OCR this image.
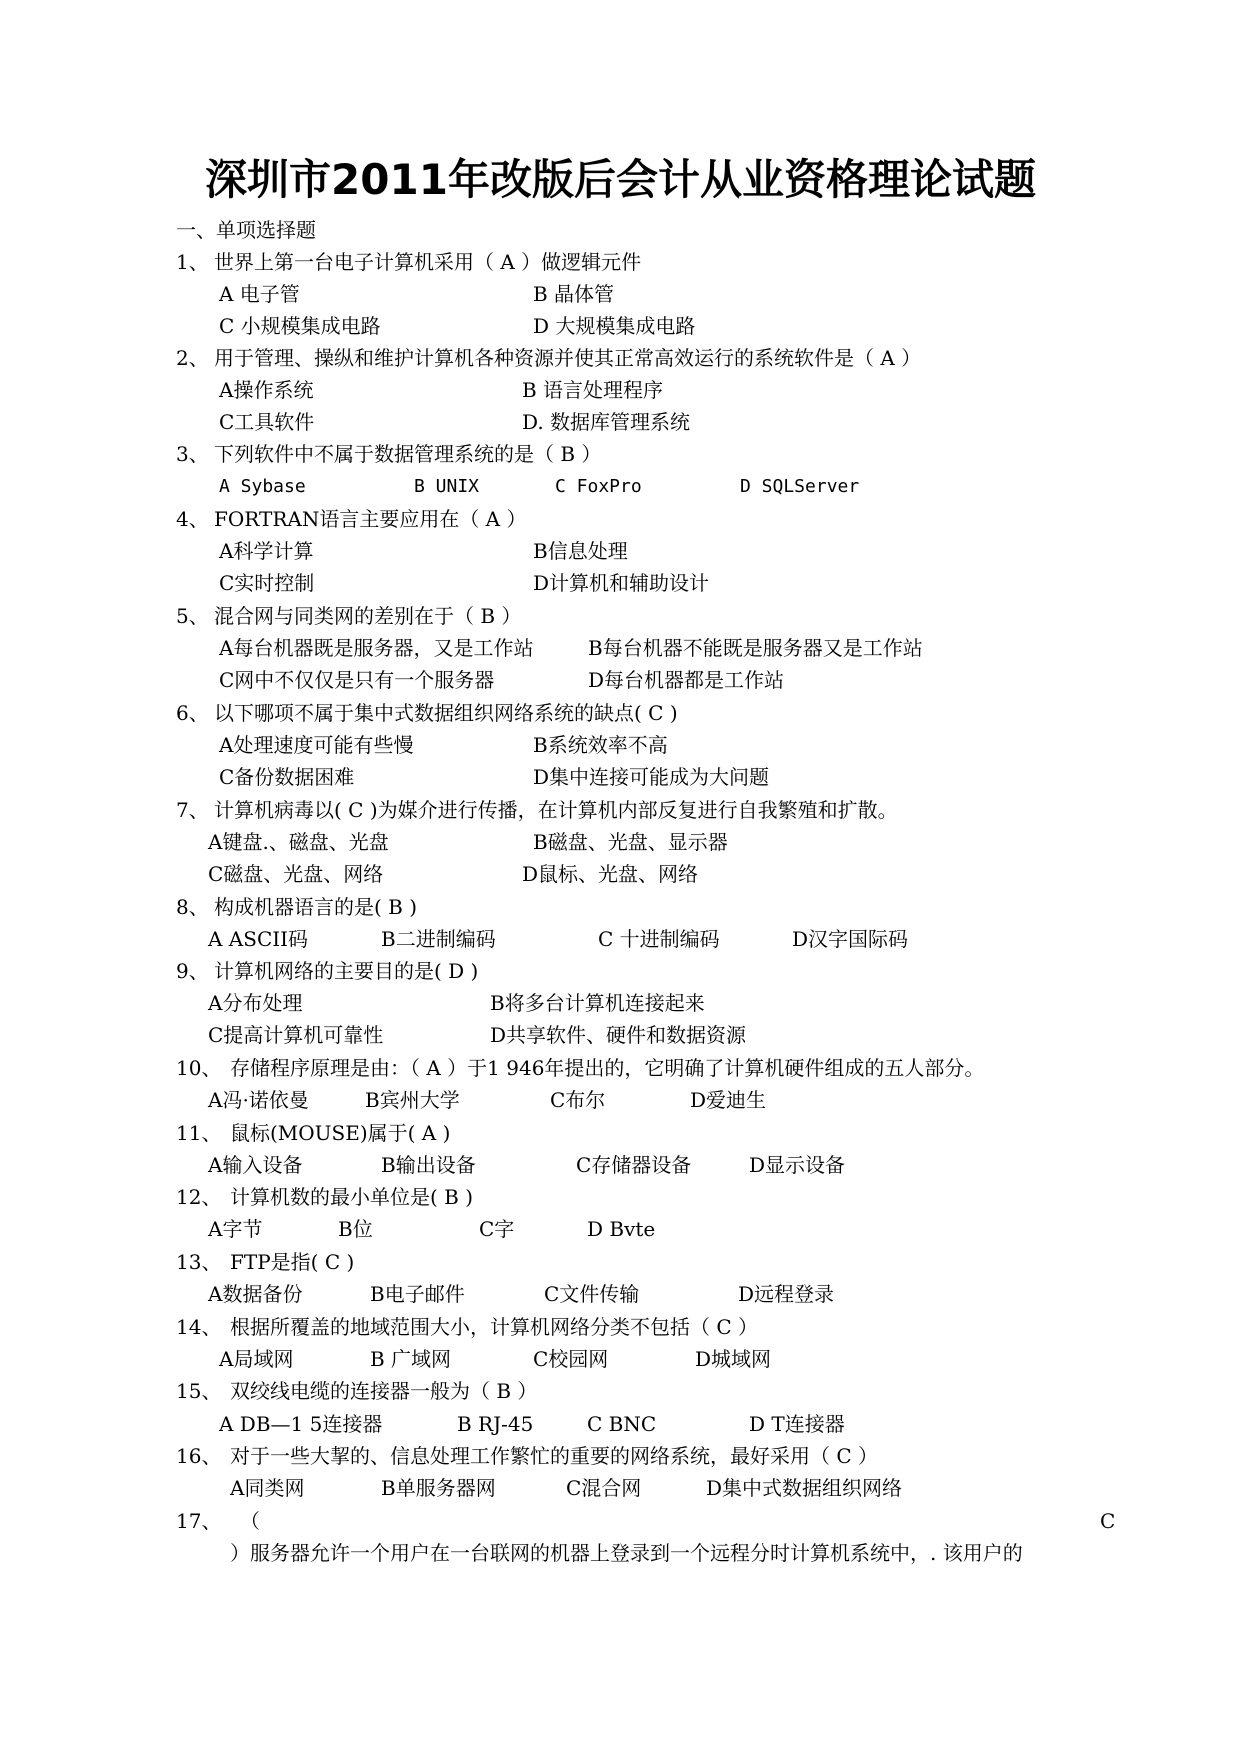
深圳市2011年改版后会计从业资格理论试题
一、单项选择题
1、 世界上第一台电子计算机采用（ A ）做逻辑元件
A 电子管	B 晶体管
C 小规模集成电路	D 大规模集成电路
2、 用于管理、操纵和维护计算机各种资源并使其正常高效运行的系统软件是（ A ）
A操作系统	B 语言处理程序
C工具软件	D. 数据库管理系统
3、 下列软件中不属于数据管理系统的是（ B ）
A Sybase	B UNIX	C FoxPro	D SQLServer
4、 FORTRAN语言主要应用在（ A ）
A科学计算	B信息处理
C实时控制	D计算机和辅助设计
5、 混合网与同类网的差别在于（ B ）
A每台机器既是服务器，又是工作站	B每台机器不能既是服务器又是工作站
C网中不仅仅是只有一个服务器	D每台机器都是工作站
6、 以下哪项不属于集中式数据组织网络系统的缺点( C )
A处理速度可能有些慢	B系统效率不高
C备份数据困难	D集中连接可能成为大问题
7、 计算机病毒以( C )为媒介进行传播，在计算机内部反复进行自我繁殖和扩散。
A键盘.、磁盘、光盘	B磁盘、光盘、显示器
C磁盘、光盘、网络	D鼠标、光盘、网络
8、 构成机器语言的是( B )
A ASCII码	B二进制编码	C 十进制编码	D汉字国际码
9、 计算机网络的主要目的是( D )
A分布处理	B将多台计算机连接起来
C提高计算机可靠性	D共享软件、硬件和数据资源
10、 存储程序原理是由：（ A ）于1 946年提出的，它明确了计算机硬件组成的五人部分。
A冯·诺依曼	B宾州大学	C布尔	D爱迪生
11、 鼠标(MOUSE)属于( A )
A输入设备	B输出设备	C存储器设备	D显示设备
12、 计算机数的最小单位是( B )
A字节	B位	C字	D Bvte
13、 FTP是指( C )
A数据备份	B电子邮件	C文件传输	D远程登录
14、 根据所覆盖的地域范围大小，计算机网络分类不包括（ C ）
A局域网	B 广域网	C校园网	D城域网
15、 双绞线电缆的连接器一般为（ B ）
A DB—1 5连接器	B RJ-45	C BNC	D T连接器
16、 对于一些大挈的、信息处理工作繁忙的重要的网络系统，最好采用（ C ）
A同类网	B单服务器网	C混合网	D集中式数据组织网络
17、 （	C
）服务器允许一个用户在一台联网的机器上登录到一个远程分时计算机系统中，. 该用户的
